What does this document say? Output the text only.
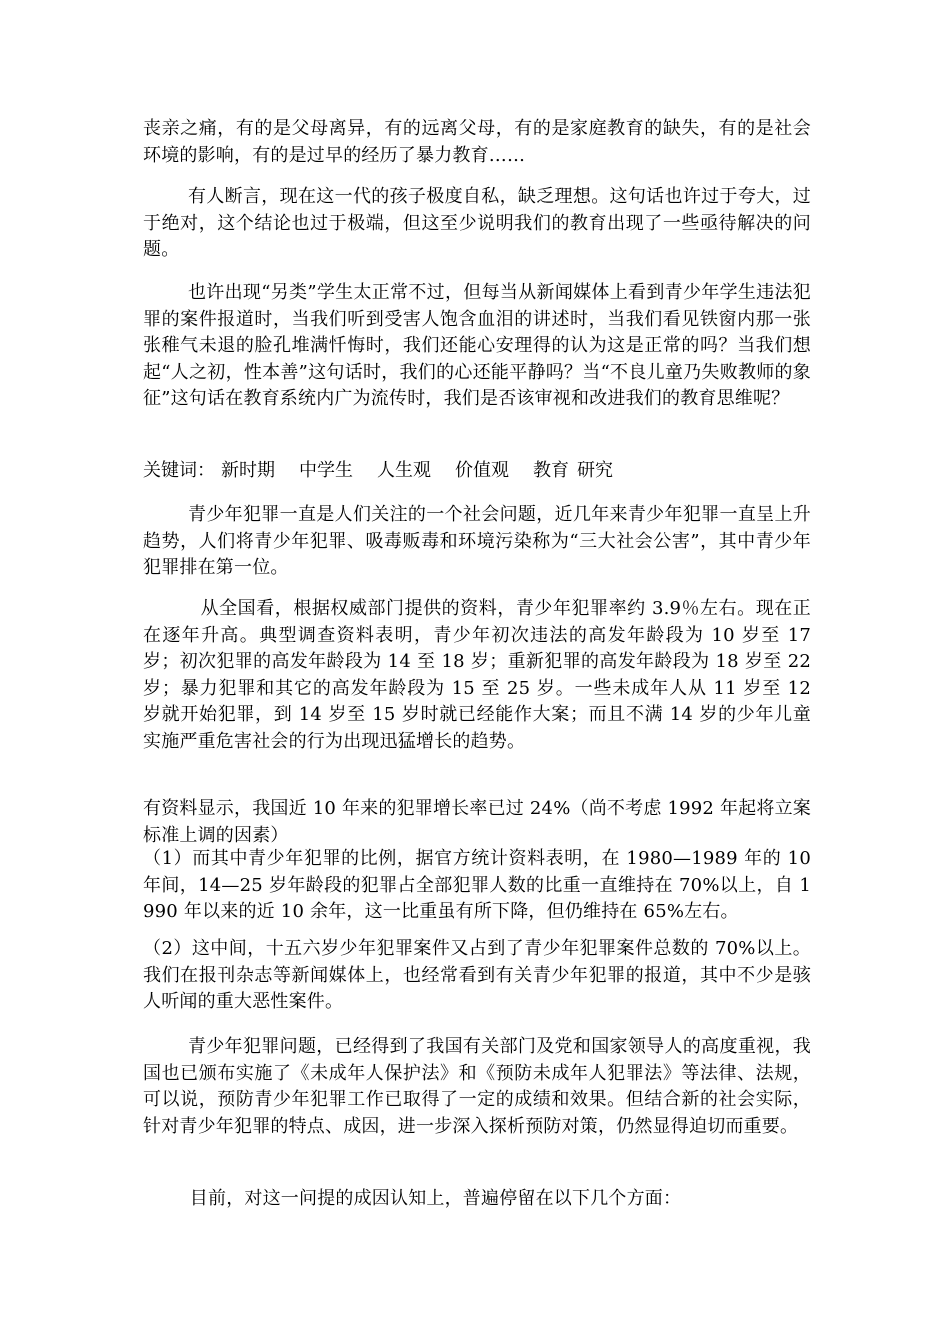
丧亲之痛，有的是父母离异，有的远离父母，有的是家庭教育的缺失，有的是社会环境的影响，有的是过早的经历了暴力教育……

有人断言，现在这一代的孩子极度自私，缺乏理想。这句话也许过于夸大，过于绝对，这个结论也过于极端，但这至少说明我们的教育出现了一些亟待解决的问题。

也许出现“另类”学生太正常不过，但每当从新闻媒体上看到青少年学生违法犯罪的案件报道时，当我们听到受害人饱含血泪的讲述时，当我们看见铁窗内那一张张稚气未退的脸孔堆满忏悔时，我们还能心安理得的认为这是正常的吗？当我们想起“人之初，性本善”这句话时，我们的心还能平静吗？当“不良儿童乃失败教师的象征”这句话在教育系统内广为流传时，我们是否该审视和改进我们的教育思维呢？

关键词： 新时期 中学生 人生观 价值观 教育 研究

青少年犯罪一直是人们关注的一个社会问题，近几年来青少年犯罪一直呈上升趋势，人们将青少年犯罪、吸毒贩毒和环境污染称为“三大社会公害”，其中青少年犯罪排在第一位。

从全国看，根据权威部门提供的资料，青少年犯罪率约 3.9％左右。现在正在逐年升高。典型调查资料表明，青少年初次违法的高发年龄段为 10 岁至 17 岁；初次犯罪的高发年龄段为 14 至 18 岁；重新犯罪的高发年龄段为 18 岁至 22 岁；暴力犯罪和其它的高发年龄段为 15 至 25 岁。一些未成年人从 11 岁至 12 岁就开始犯罪，到 14 岁至 15 岁时就已经能作大案；而且不满 14 岁的少年儿童实施严重危害社会的行为出现迅猛增长的趋势。

有资料显示，我国近 10 年来的犯罪增长率已过 24%（尚不考虑 1992 年起将立案标准上调的因素）

（1）而其中青少年犯罪的比例，据官方统计资料表明，在 1980—1989 年的 10 年间，14—25 岁年龄段的犯罪占全部犯罪人数的比重一直维持在 70%以上，自 1990 年以来的近 10 余年，这一比重虽有所下降，但仍维持在 65%左右。

（2）这中间，十五六岁少年犯罪案件又占到了青少年犯罪案件总数的 70%以上。我们在报刊杂志等新闻媒体上，也经常看到有关青少年犯罪的报道，其中不少是骇人听闻的重大恶性案件。

青少年犯罪问题，已经得到了我国有关部门及党和国家领导人的高度重视，我国也已颁布实施了《未成年人保护法》和《预防未成年人犯罪法》等法律、法规，可以说，预防青少年犯罪工作已取得了一定的成绩和效果。但结合新的社会实际，针对青少年犯罪的特点、成因，进一步深入探析预防对策，仍然显得迫切而重要。

目前，对这一问提的成因认知上，普遍停留在以下几个方面：
